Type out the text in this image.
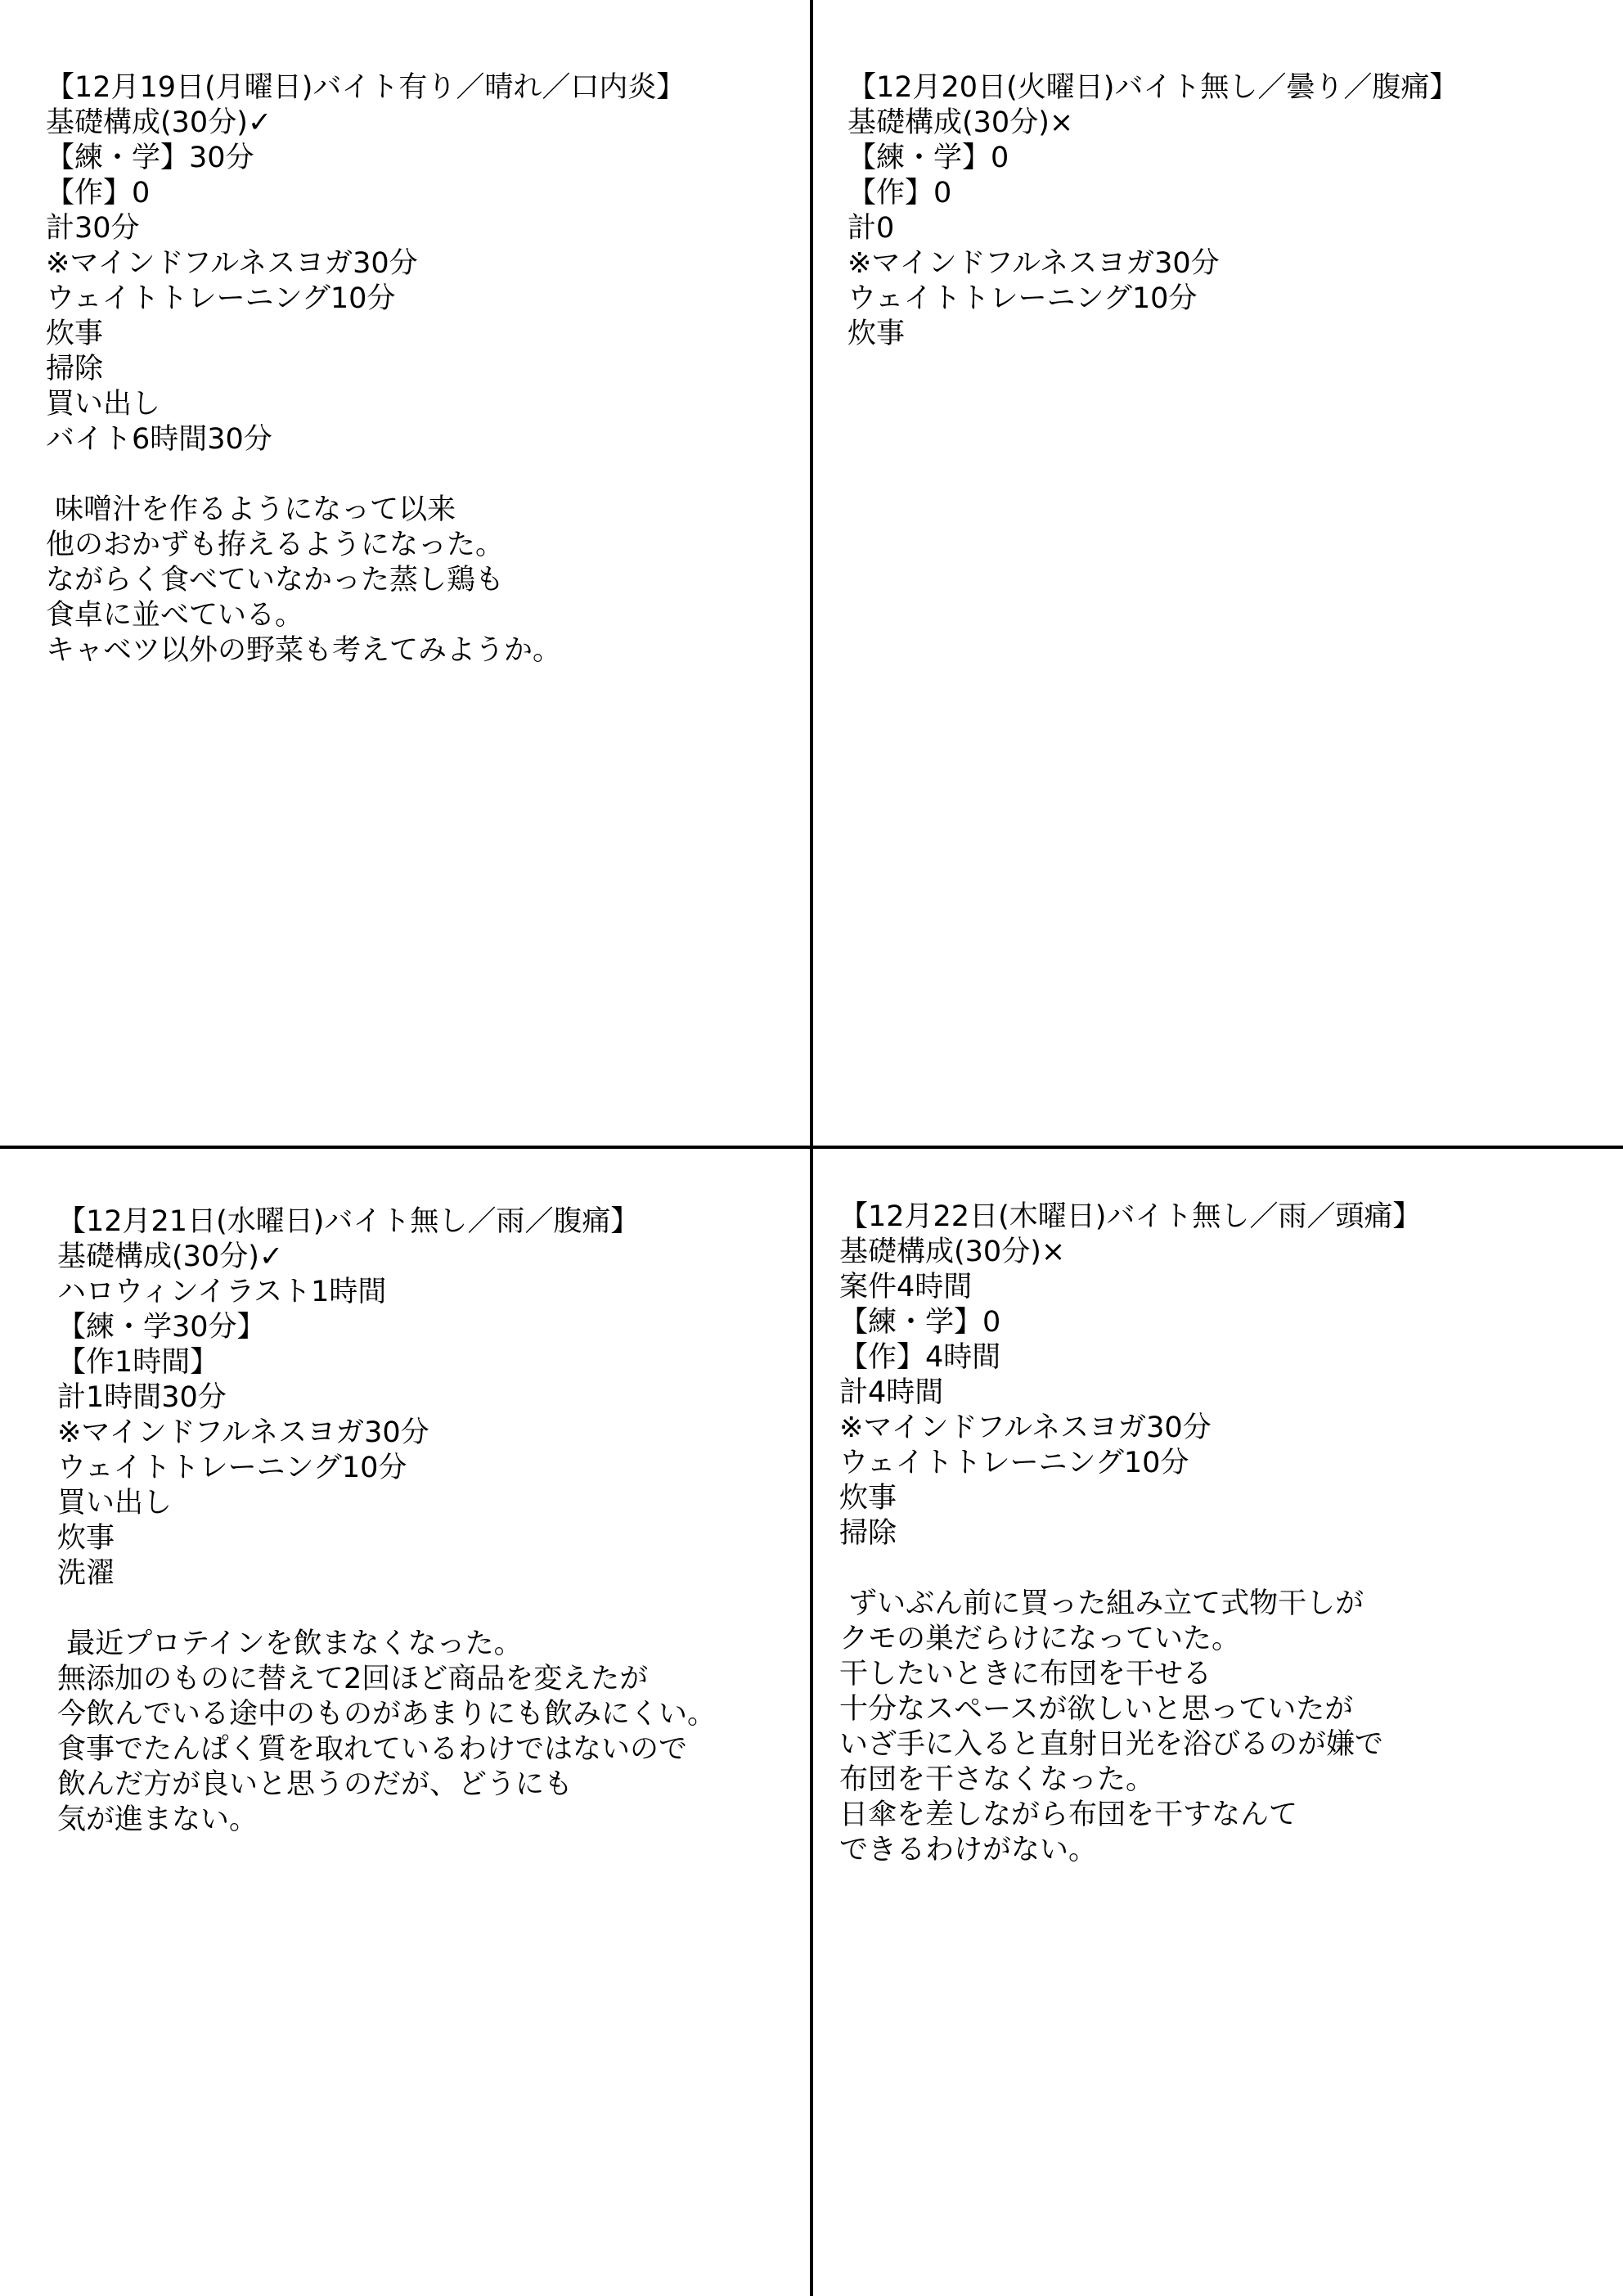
【12月19日(月曜日)バイト有り／晴れ／口内炎】
基礎構成(30分)✓
【練・学】30分
【作】0
計30分
※マインドフルネスヨガ30分
ウェイトトレーニング10分
炊事
掃除
買い出し
バイト6時間30分
味噌汁を作るようになって以来
他のおかずも拵えるようになった。
ながらく食べていなかった蒸し鶏も
食卓に並べている。
キャベツ以外の野菜も考えてみようか。
【12月20日(火曜日)バイト無し／曇り／腹痛】
基礎構成(30分)×
【練・学】0
【作】0
計0
※マインドフルネスヨガ30分
ウェイトトレーニング10分
炊事
【12月21日(水曜日)バイト無し／雨／腹痛】
基礎構成(30分)✓
ハロウィンイラスト1時間
【練・学30分】
【作1時間】
計1時間30分
※マインドフルネスヨガ30分
ウェイトトレーニング10分
買い出し
炊事
洗濯
最近プロテインを飲まなくなった。
無添加のものに替えて2回ほど商品を変えたが
今飲んでいる途中のものがあまりにも飲みにくい。
食事でたんぱく質を取れているわけではないので
飲んだ方が良いと思うのだが、どうにも
気が進まない。
【12月22日(木曜日)バイト無し／雨／頭痛】
基礎構成(30分)×
案件4時間
【練・学】0
【作】4時間
計4時間
※マインドフルネスヨガ30分
ウェイトトレーニング10分
炊事
掃除
ずいぶん前に買った組み立て式物干しが
クモの巣だらけになっていた。
干したいときに布団を干せる
十分なスペースが欲しいと思っていたが
いざ手に入ると直射日光を浴びるのが嫌で
布団を干さなくなった。
日傘を差しながら布団を干すなんて
できるわけがない。
